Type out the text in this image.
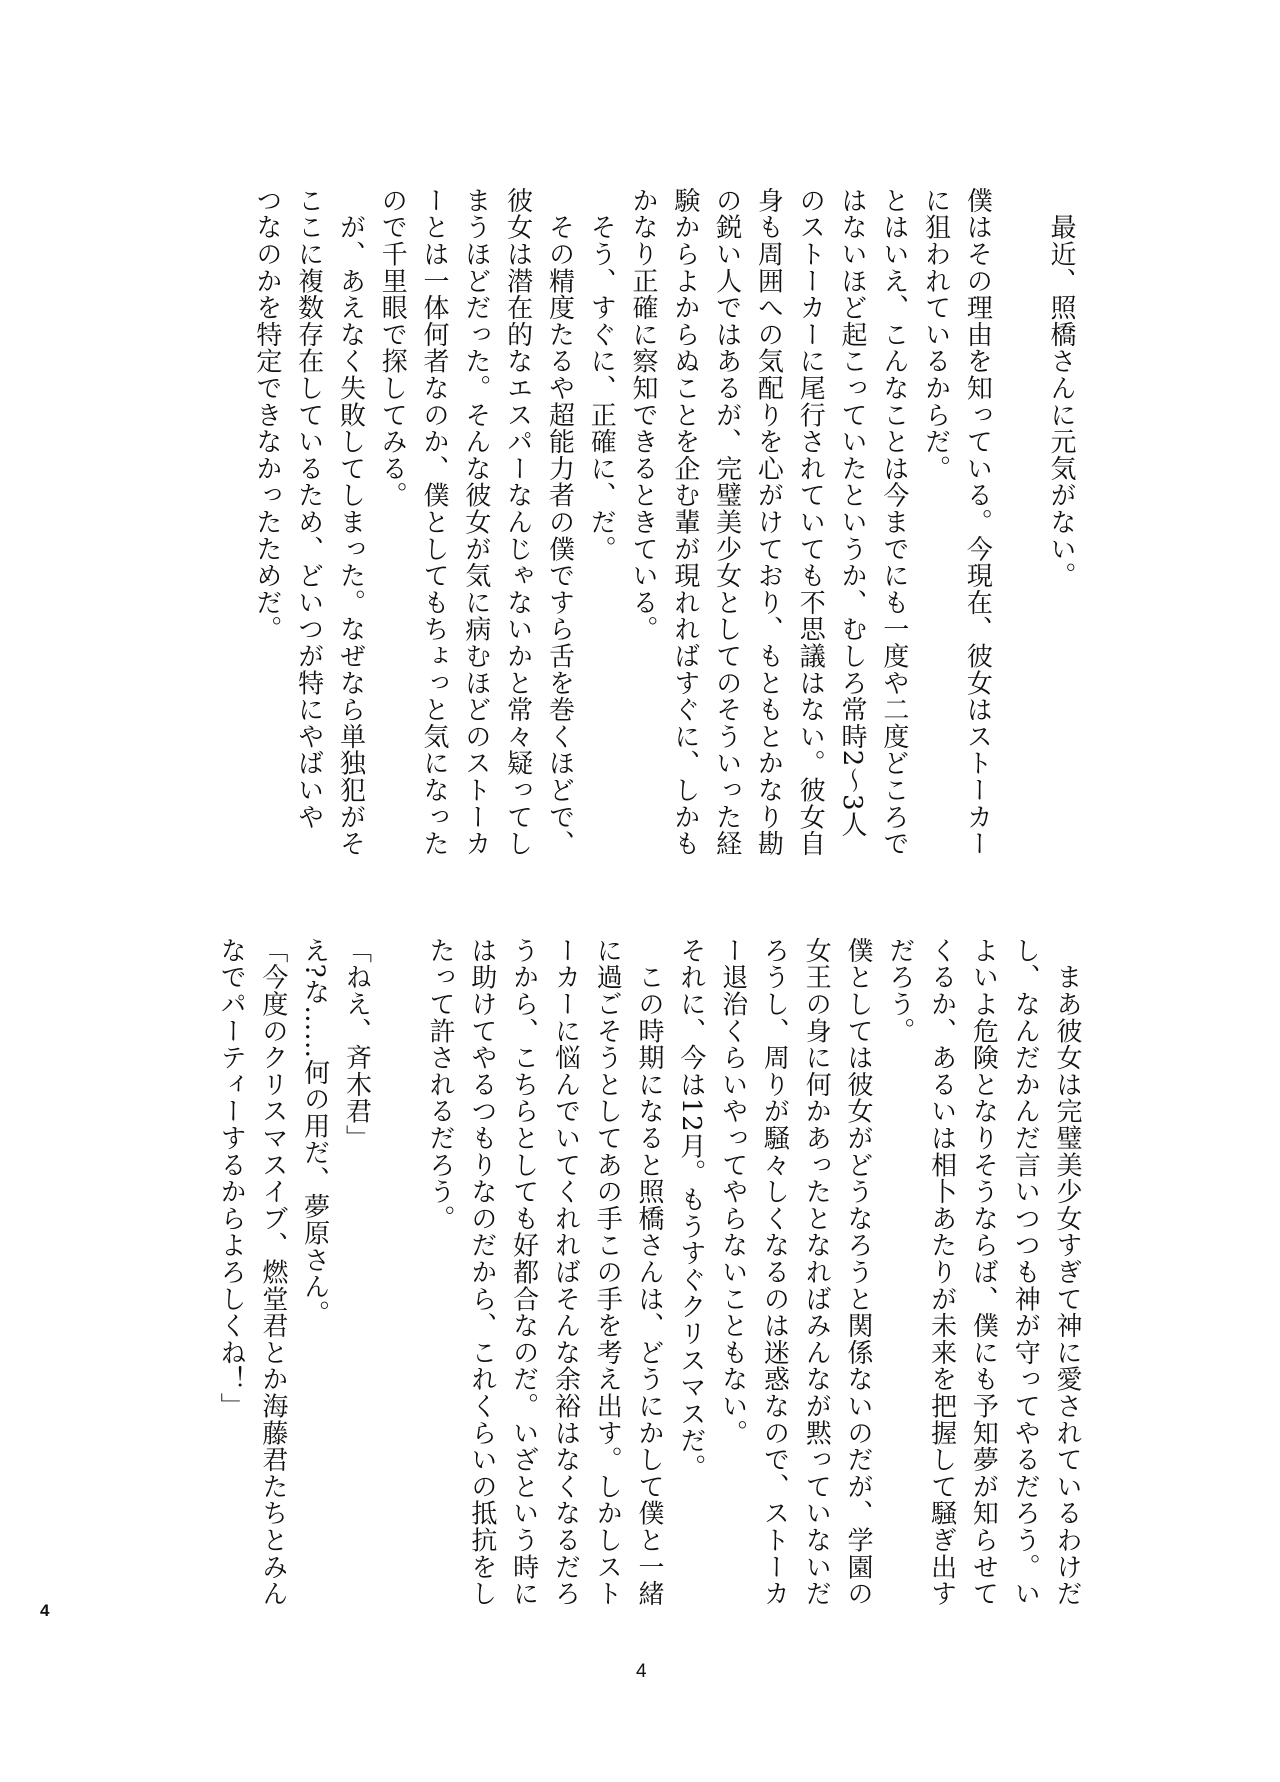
　最近、照橋さんに元気がない。
僕はその理由を知っている。今現在、彼女はストーカー
に狙われているからだ。
とはいえ、こんなことは今までにも一度や二度どころで
はないほど起こっていたというか、むしろ常時2～3人
のストーカーに尾行されていても不思議はない。彼女自
身も周囲への気配りを心がけており、もともとかなり勘
の鋭い人ではあるが、完璧美少女としてのそういった経
験からよからぬことを企む輩が現れればすぐに、しかも
かなり正確に察知できるときている。
　そう、すぐに、正確に、だ。
　その精度たるや超能力者の僕ですら舌を巻くほどで、
彼女は潜在的なエスパーなんじゃないかと常々疑ってし
まうほどだった。そんな彼女が気に病むほどのストーカ
ーとは一体何者なのか、僕としてもちょっと気になった
ので千里眼で探してみる。
　が、あえなく失敗してしまった。なぜなら単独犯がそ
ここに複数存在しているため、どいつが特にやばいや
つなのかを特定できなかったためだ。
　まあ彼女は完璧美少女すぎて神に愛されているわけだ
し、なんだかんだ言いつつも神が守ってやるだろう。い
よいよ危険となりそうならば、僕にも予知夢が知らせて
くるか、あるいは相卜あたりが未来を把握して騒ぎ出す
だろう。
僕としては彼女がどうなろうと関係ないのだが、学園の
女王の身に何かあったとなればみんなが黙っていないだ
ろうし、周りが騒々しくなるのは迷惑なので、ストーカ
ー退治くらいやってやらないこともない。
それに、今は12月。もうすぐクリスマスだ。
　この時期になると照橋さんは、どうにかして僕と一緒
に過ごそうとしてあの手この手を考え出す。しかしスト
ーカーに悩んでいてくれればそんな余裕はなくなるだろ
うから、こちらとしても好都合なのだ。いざという時に
は助けてやるつもりなのだから、これくらいの抵抗をし
たって許されるだろう。
「ねえ、斉木君」
え?な……何の用だ、夢原さん。
「今度のクリスマスイブ、燃堂君とか海藤君たちとみん
なでパーティーするからよろしくね！」
4
4
